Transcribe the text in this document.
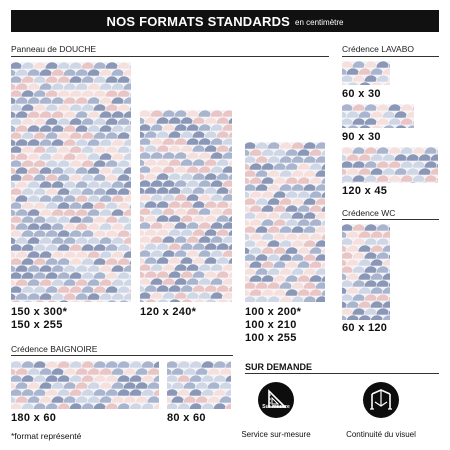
NOS FORMATS STANDARDS en centimètre
Panneau de DOUCHE
150 x 300*
150 x 255
120 x 240*	100 x 200*
100 x 210
100 x 255
Crédence LAVABO
60 x 30
90 x 30
120 x 45
Crédence WC
60 x 120
Crédence BAIGNOIRE
180 x 60	80 x 60
*format représenté
SUR DEMANDE
Sur mesure
Service sur-mesure	Continuité du visuel
